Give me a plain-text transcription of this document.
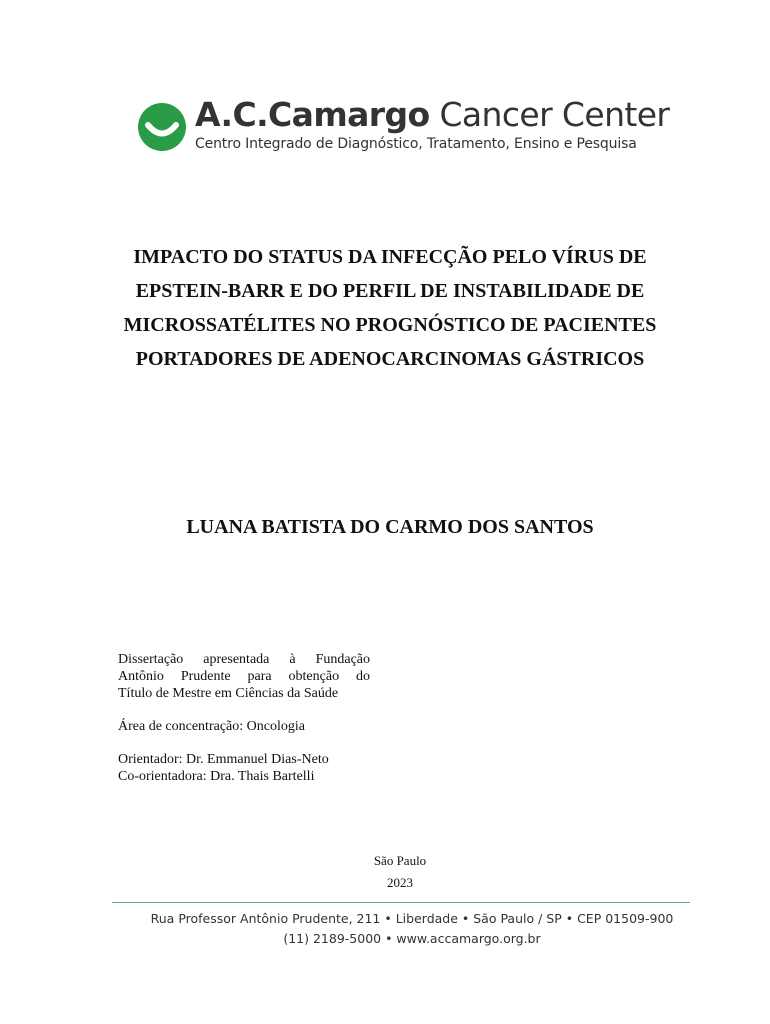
A.C.Camargo Cancer Center
Centro Integrado de Diagnóstico, Tratamento, Ensino e Pesquisa
IMPACTO DO STATUS DA INFECÇÃO PELO VÍRUS DE
EPSTEIN-BARR E DO PERFIL DE INSTABILIDADE DE
MICROSSATÉLITES NO PROGNÓSTICO DE PACIENTES
PORTADORES DE ADENOCARCINOMAS GÁSTRICOS
LUANA BATISTA DO CARMO DOS SANTOS

Dissertação apresentada à Fundação
Antônio Prudente para obtenção do
Título de Mestre em Ciências da Saúde

Área de concentração: Oncologia

Orientador: Dr. Emmanuel Dias-Neto

Co-orientadora: Dra. Thais Bartelli

São Paulo
2023
Rua Professor Antônio Prudente, 211 • Liberdade • São Paulo / SP • CEP 01509-900
(11) 2189-5000 • www.accamargo.org.br
